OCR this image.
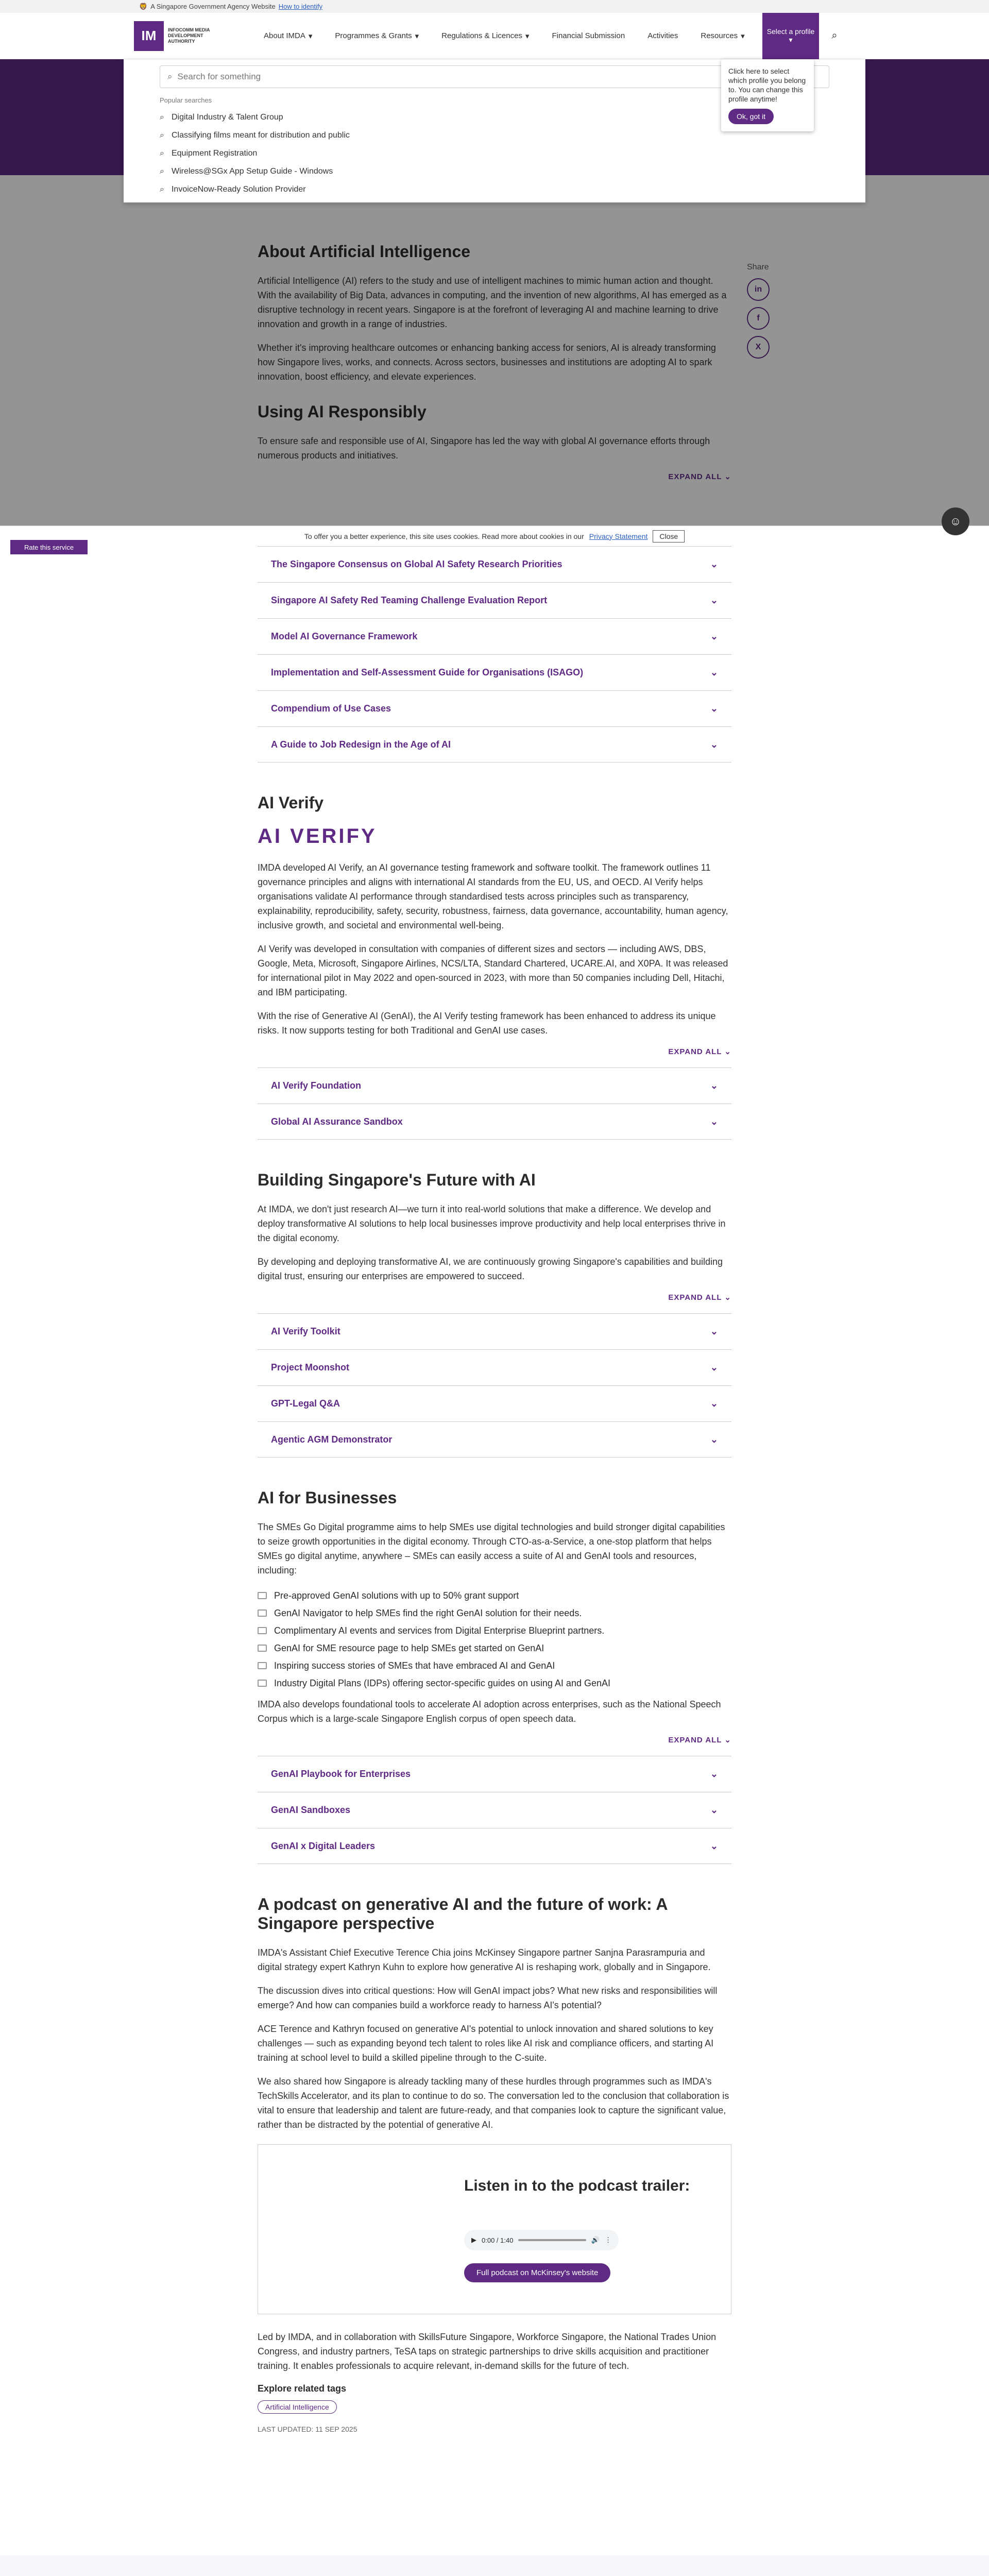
🦁 A Singapore Government Agency Website How to identify
IM	INFOCOMM MEDIA DEVELOPMENT AUTHORITY
About IMDA ▾	Programmes & Grants ▾	Regulations & Licences ▾	Financial Submission	Activities	Resources ▾
Select a profile
▾	⌕
About Artificial Intelligence

Artificial Intelligence (AI) refers to the study and use of intelligent machines to mimic human action and thought. With the availability of Big Data, advances in computing, and the invention of new algorithms, AI has emerged as a disruptive technology in recent years. Singapore is at the forefront of leveraging AI and machine learning to drive innovation and growth in a range of industries.

Whether it's improving healthcare outcomes or enhancing banking access for seniors, AI is already transforming how Singapore lives, works, and connects. Across sectors, businesses and institutions are adopting AI to spark innovation, boost efficiency, and elevate experiences.

Using AI Responsibly

To ensure safe and responsible use of AI, Singapore has led the way with global AI governance efforts through numerous products and initiatives.

EXPAND ALL ⌄
The Singapore Consensus on Global AI Safety Research Priorities	⌄
Singapore AI Safety Red Teaming Challenge Evaluation Report	⌄
Model AI Governance Framework	⌄
Implementation and Self-Assessment Guide for Organisations (ISAGO)	⌄
Compendium of Use Cases	⌄
A Guide to Job Redesign in the Age of AI	⌄
AI Verify
AI VERIFY

IMDA developed AI Verify, an AI governance testing framework and software toolkit. The framework outlines 11 governance principles and aligns with international AI standards from the EU, US, and OECD. AI Verify helps organisations validate AI performance through standardised tests across principles such as transparency, explainability, reproducibility, safety, security, robustness, fairness, data governance, accountability, human agency, inclusive growth, and societal and environmental well-being.

AI Verify was developed in consultation with companies of different sizes and sectors — including AWS, DBS, Google, Meta, Microsoft, Singapore Airlines, NCS/LTA, Standard Chartered, UCARE.AI, and X0PA. It was released for international pilot in May 2022 and open-sourced in 2023, with more than 50 companies including Dell, Hitachi, and IBM participating.

With the rise of Generative AI (GenAI), the AI Verify testing framework has been enhanced to address its unique risks. It now supports testing for both Traditional and GenAI use cases.

EXPAND ALL ⌄
AI Verify Foundation	⌄
Global AI Assurance Sandbox	⌄
Building Singapore's Future with AI

At IMDA, we don't just research AI—we turn it into real-world solutions that make a difference. We develop and deploy transformative AI solutions to help local businesses improve productivity and help local enterprises thrive in the digital economy.

By developing and deploying transformative AI, we are continuously growing Singapore's capabilities and building digital trust, ensuring our enterprises are empowered to succeed.

EXPAND ALL ⌄
AI Verify Toolkit	⌄
Project Moonshot	⌄
GPT-Legal Q&A	⌄
Agentic AGM Demonstrator	⌄
AI for Businesses

The SMEs Go Digital programme aims to help SMEs use digital technologies and build stronger digital capabilities to seize growth opportunities in the digital economy. Through CTO-as-a-Service, a one-stop platform that helps SMEs go digital anytime, anywhere – SMEs can easily access a suite of AI and GenAI tools and resources, including:

Pre-approved GenAI solutions with up to 50% grant support
GenAI Navigator to help SMEs find the right GenAI solution for their needs.
Complimentary AI events and services from Digital Enterprise Blueprint partners.
GenAI for SME resource page to help SMEs get started on GenAI
Inspiring success stories of SMEs that have embraced AI and GenAI
Industry Digital Plans (IDPs) offering sector-specific guides on using AI and GenAI

IMDA also develops foundational tools to accelerate AI adoption across enterprises, such as the National Speech Corpus which is a large-scale Singapore English corpus of open speech data.

EXPAND ALL ⌄
GenAI Playbook for Enterprises	⌄
GenAI Sandboxes	⌄
GenAI x Digital Leaders	⌄
A podcast on generative AI and the future of work: A Singapore perspective

IMDA's Assistant Chief Executive Terence Chia joins McKinsey Singapore partner Sanjna Parasrampuria and digital strategy expert Kathryn Kuhn to explore how generative AI is reshaping work, globally and in Singapore.

The discussion dives into critical questions: How will GenAI impact jobs? What new risks and responsibilities will emerge? And how can companies build a workforce ready to harness AI's potential?

ACE Terence and Kathryn focused on generative AI's potential to unlock innovation and shared solutions to key challenges — such as expanding beyond tech talent to roles like AI risk and compliance officers, and starting AI training at school level to build a skilled pipeline through to the C-suite.

We also shared how Singapore is already tackling many of these hurdles through programmes such as IMDA's TechSkills Accelerator, and its plan to continue to do so. The conversation led to the conclusion that collaboration is vital to ensure that leadership and talent are future-ready, and that companies look to capture the significant value, rather than be distracted by the potential of generative AI.

Listen in to the podcast trailer:
▶ 0:00 / 1:40	🔊 ⋮
Full podcast on McKinsey's website

Led by IMDA, and in collaboration with SkillsFuture Singapore, Workforce Singapore, the National Trades Union Congress, and industry partners, TeSA taps on strategic partnerships to drive skills acquisition and practitioner training. It enables professionals to acquire relevant, in-demand skills for the future of tech.

Explore related tags
Artificial Intelligence
LAST UPDATED: 11 SEP 2025
⌕ Search for something
Popular searches
⌕ Digital Industry & Talent Group
⌕ Classifying films meant for distribution and public
⌕ Equipment Registration
⌕ Wireless@SGx App Setup Guide - Windows
⌕ InvoiceNow-Ready Solution Provider
Click here to select which profile you belong to. You can change this profile anytime!
Ok, got it
Share
in
f
X
To offer you a better experience, this site uses cookies. Read more about cookies in our Privacy Statement	Close
Rate this service
☺
